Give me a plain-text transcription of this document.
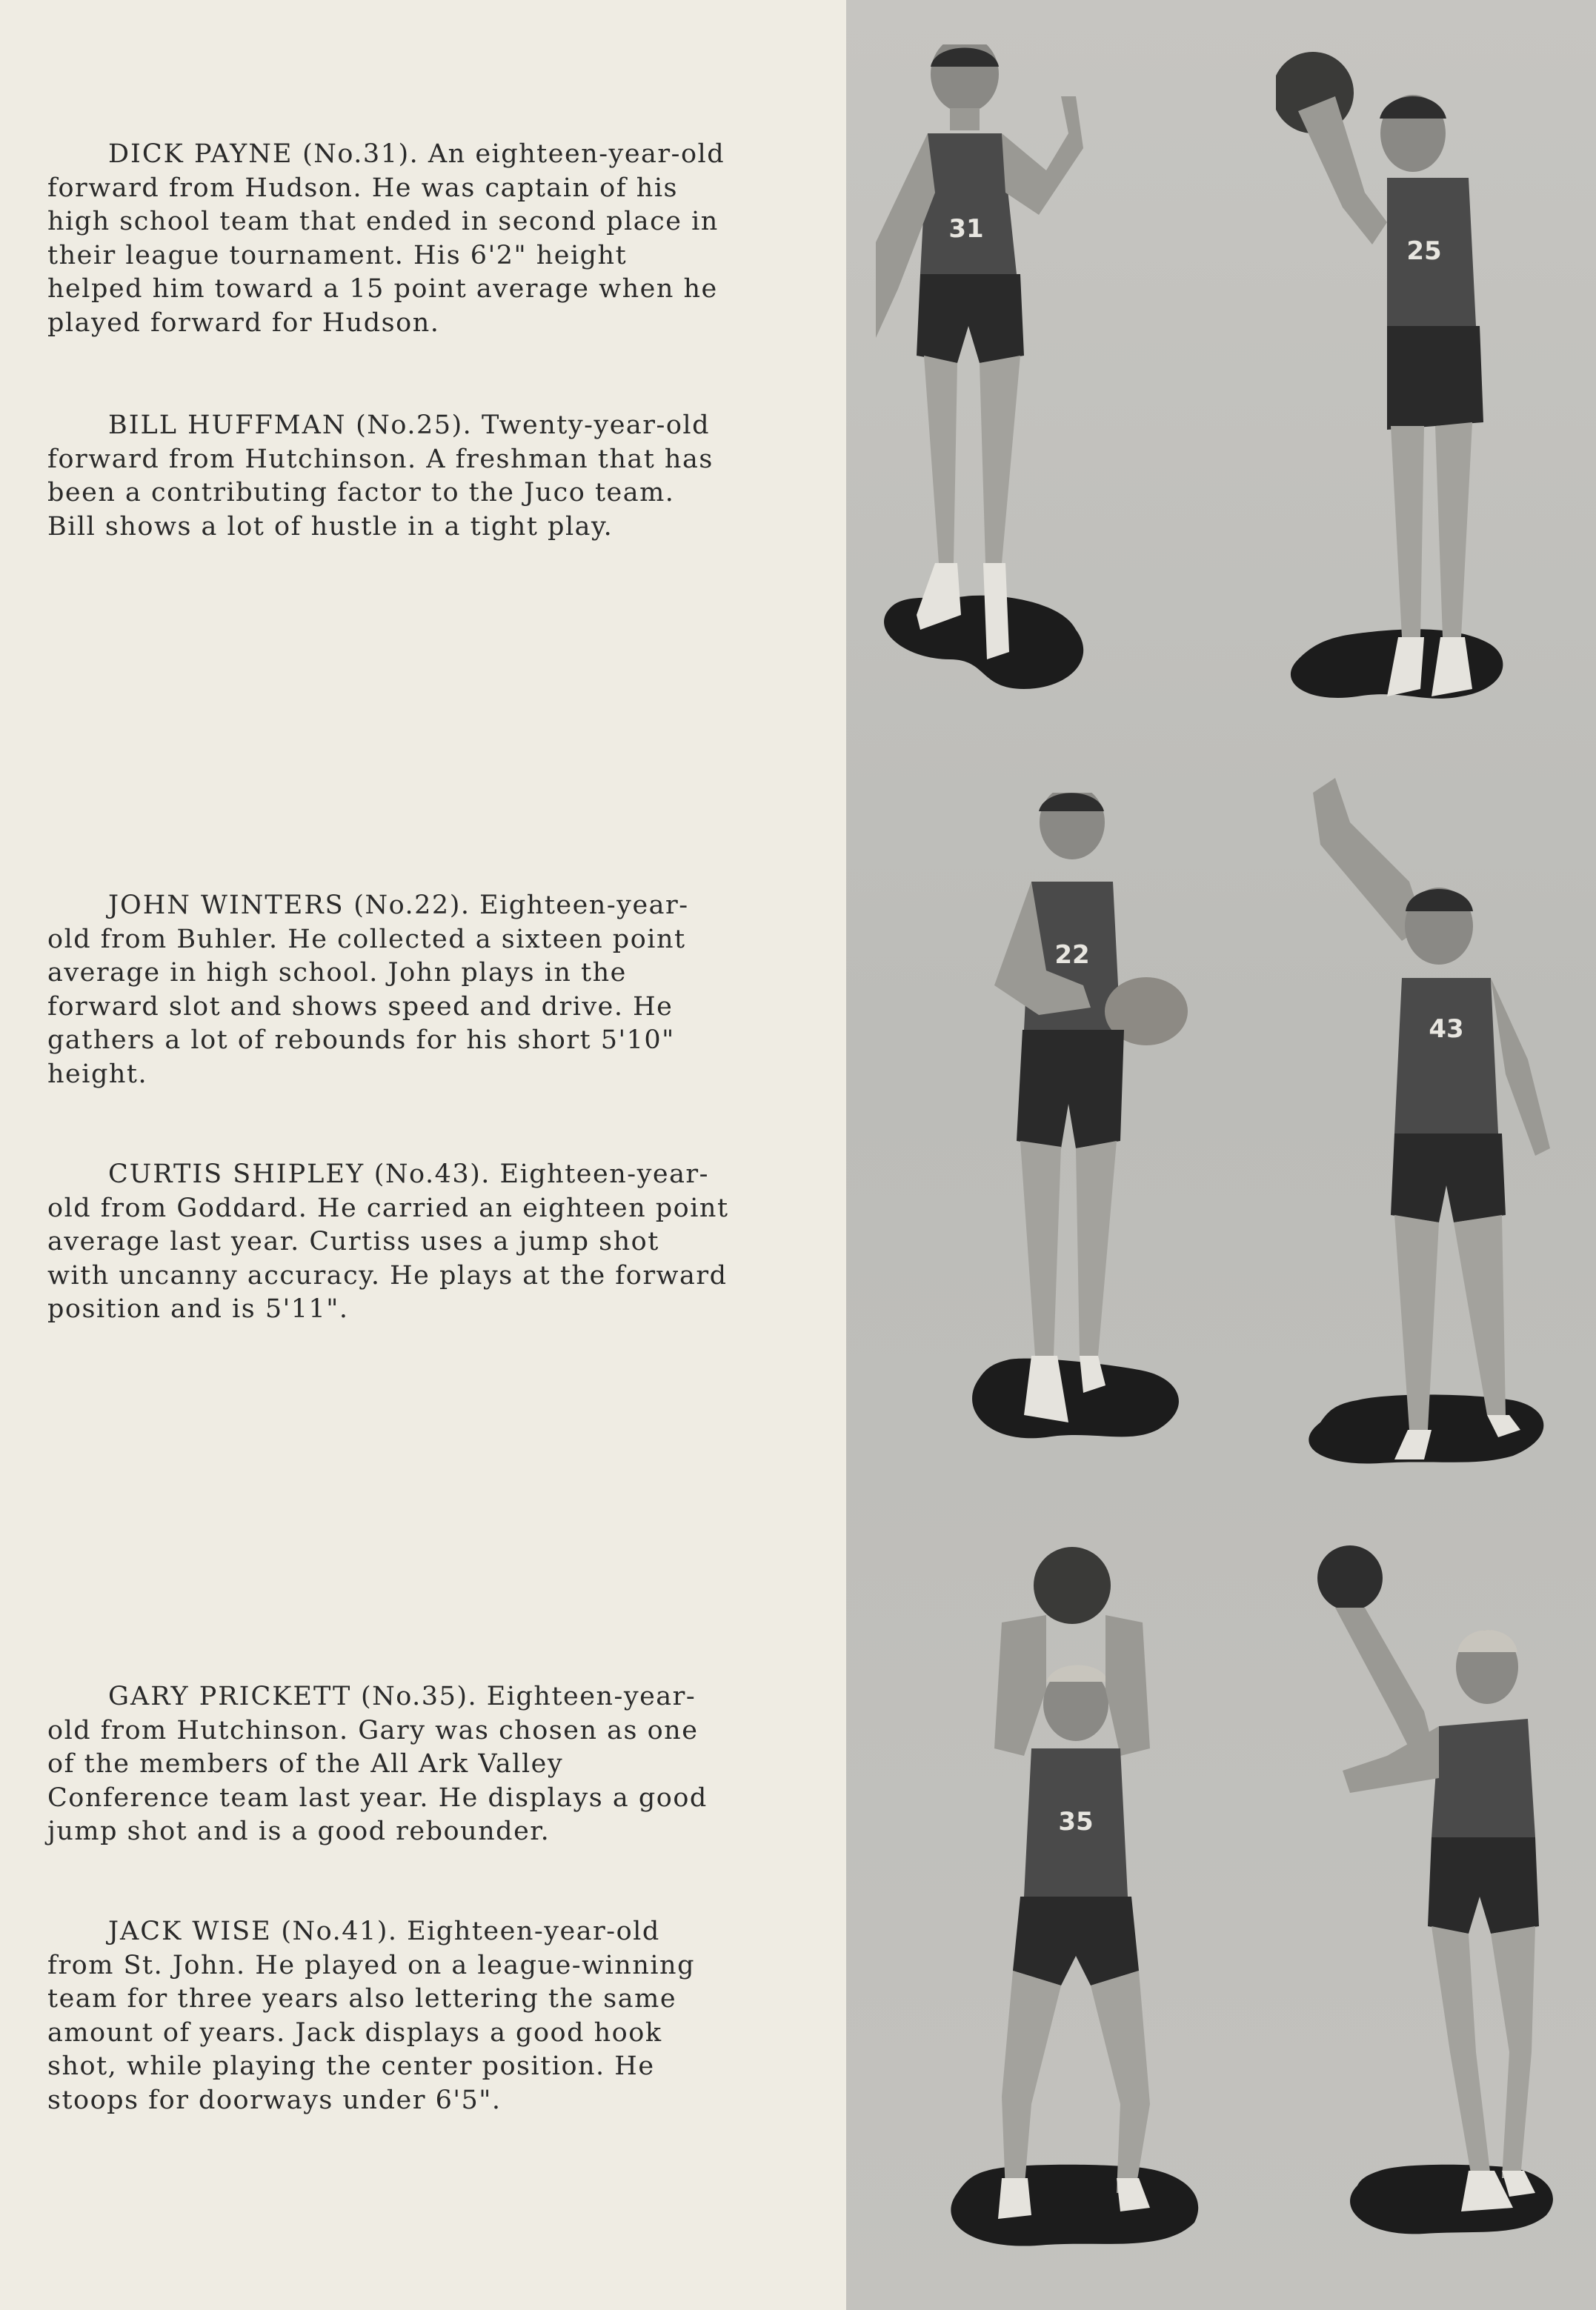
DICK PAYNE (No.31). An eighteen-year-old forward from Hudson. He was captain of his high school team that ended in second place in their league tournament. His 6'2" height helped him toward a 15 point average when he played forward for Hudson.

BILL HUFFMAN (No.25). Twenty-year-old forward from Hutchinson. A freshman that has been a contributing factor to the Juco team. Bill shows a lot of hustle in a tight play.

JOHN WINTERS (No.22). Eighteen-year-old from Buhler. He collected a sixteen point average in high school. John plays in the forward slot and shows speed and drive. He gathers a lot of rebounds for his short 5'10" height.

CURTIS SHIPLEY (No.43). Eighteen-year-old from Goddard. He carried an eighteen point average last year. Curtiss uses a jump shot with uncanny accuracy. He plays at the forward position and is 5'11".

GARY PRICKETT (No.35). Eighteen-year-old from Hutchinson. Gary was chosen as one of the members of the All Ark Valley Conference team last year. He displays a good jump shot and is a good rebounder.

JACK WISE (No.41). Eighteen-year-old from St. John. He played on a league-winning team for three years also lettering the same amount of years. Jack displays a good hook shot, while playing the center position. He stoops for doorways under 6'5".

31
25
22
43
35
